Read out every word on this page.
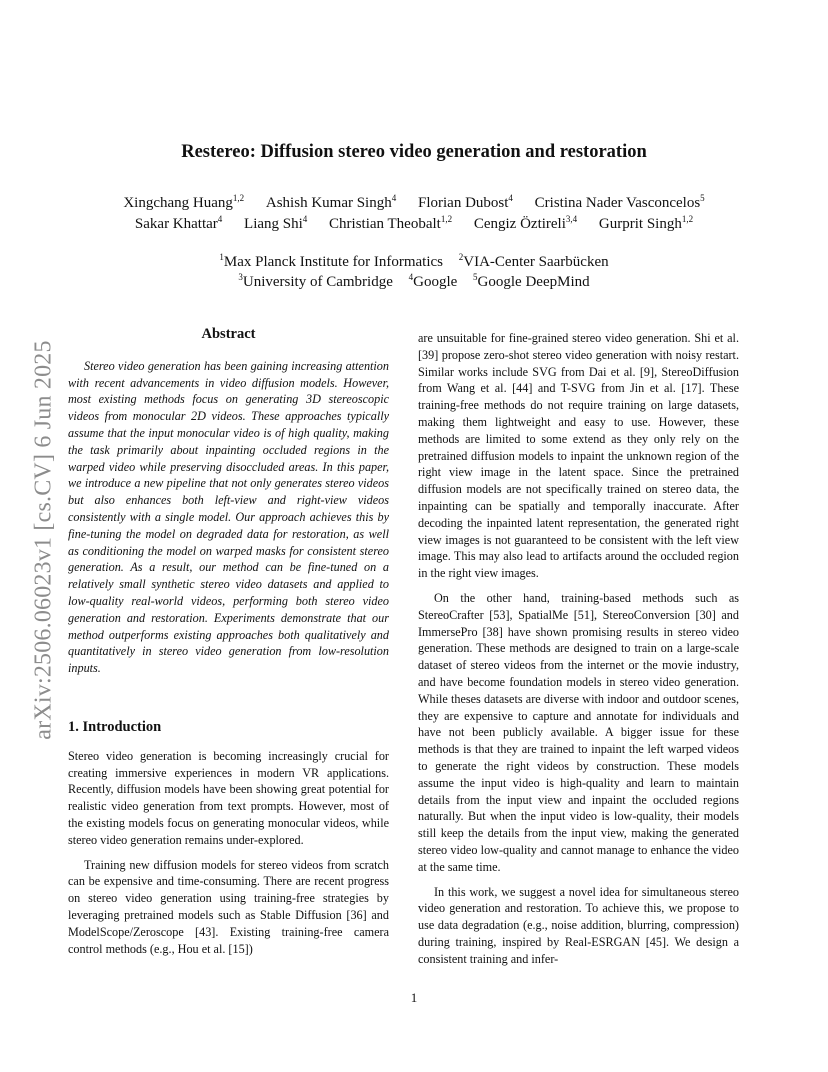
arXiv:2506.06023v1 [cs.CV] 6 Jun 2025
Restereo: Diffusion stereo video generation and restoration
Xingchang Huang$^{1,2}$ Ashish Kumar Singh$^4$ Florian Dubost$^4$ Cristina Nader Vasconcelos$^5$
Sakar Khattar$^4$ Liang Shi$^4$ Christian Theobalt$^{1,2}$ Cengiz Öztireli$^{3,4}$ Gurprit Singh$^{1,2}$
$^1$Max Planck Institute for Informatics $^2$VIA-Center Saarbücken
$^3$University of Cambridge $^4$Google $^5$Google DeepMind
Abstract

Stereo video generation has been gaining increasing attention with recent advancements in video diffusion models. However, most existing methods focus on generating 3D stereoscopic videos from monocular 2D videos. These approaches typically assume that the input monocular video is of high quality, making the task primarily about inpainting occluded regions in the warped video while preserving disoccluded areas. In this paper, we introduce a new pipeline that not only generates stereo videos but also enhances both left-view and right-view videos consistently with a single model. Our approach achieves this by fine-tuning the model on degraded data for restoration, as well as conditioning the model on warped masks for consistent stereo generation. As a result, our method can be fine-tuned on a relatively small synthetic stereo video datasets and applied to low-quality real-world videos, performing both stereo video generation and restoration. Experiments demonstrate that our method outperforms existing approaches both qualitatively and quantitatively in stereo video generation from low-resolution inputs.

1. Introduction

Stereo video generation is becoming increasingly crucial for creating immersive experiences in modern VR applications. Recently, diffusion models have been showing great potential for realistic video generation from text prompts. However, most of the existing models focus on generating monocular videos, while stereo video generation remains under-explored.

Training new diffusion models for stereo videos from scratch can be expensive and time-consuming. There are recent progress on stereo video generation using training-free strategies by leveraging pretrained models such as Stable Diffusion [36] and ModelScope/Zeroscope [43]. Existing training-free camera control methods (e.g., Hou et al. [15])

are unsuitable for fine-grained stereo video generation. Shi et al. [39] propose zero-shot stereo video generation with noisy restart. Similar works include SVG from Dai et al. [9], StereoDiffusion from Wang et al. [44] and T-SVG from Jin et al. [17]. These training-free methods do not require training on large datasets, making them lightweight and easy to use. However, these methods are limited to some extend as they only rely on the pretrained diffusion models to inpaint the unknown region of the right view image in the latent space. Since the pretrained diffusion models are not specifically trained on stereo data, the inpainting can be spatially and temporally inaccurate. After decoding the inpainted latent representation, the generated right view images is not guaranteed to be consistent with the left view image. This may also lead to artifacts around the occluded region in the right view images.

On the other hand, training-based methods such as StereoCrafter [53], SpatialMe [51], StereoConversion [30] and ImmersePro [38] have shown promising results in stereo video generation. These methods are designed to train on a large-scale dataset of stereo videos from the internet or the movie industry, and have become foundation models in stereo video generation. While theses datasets are diverse with indoor and outdoor scenes, they are expensive to capture and annotate for individuals and have not been publicly available. A bigger issue for these methods is that they are trained to inpaint the left warped videos to generate the right videos by construction. These models assume the input video is high-quality and learn to maintain details from the input view and inpaint the occluded regions naturally. But when the input video is low-quality, their models still keep the details from the input view, making the generated stereo video low-quality and cannot manage to enhance the video at the same time.

In this work, we suggest a novel idea for simultaneous stereo video generation and restoration. To achieve this, we propose to use data degradation (e.g., noise addition, blurring, compression) during training, inspired by Real-ESRGAN [45]. We design a consistent training and infer-

1
